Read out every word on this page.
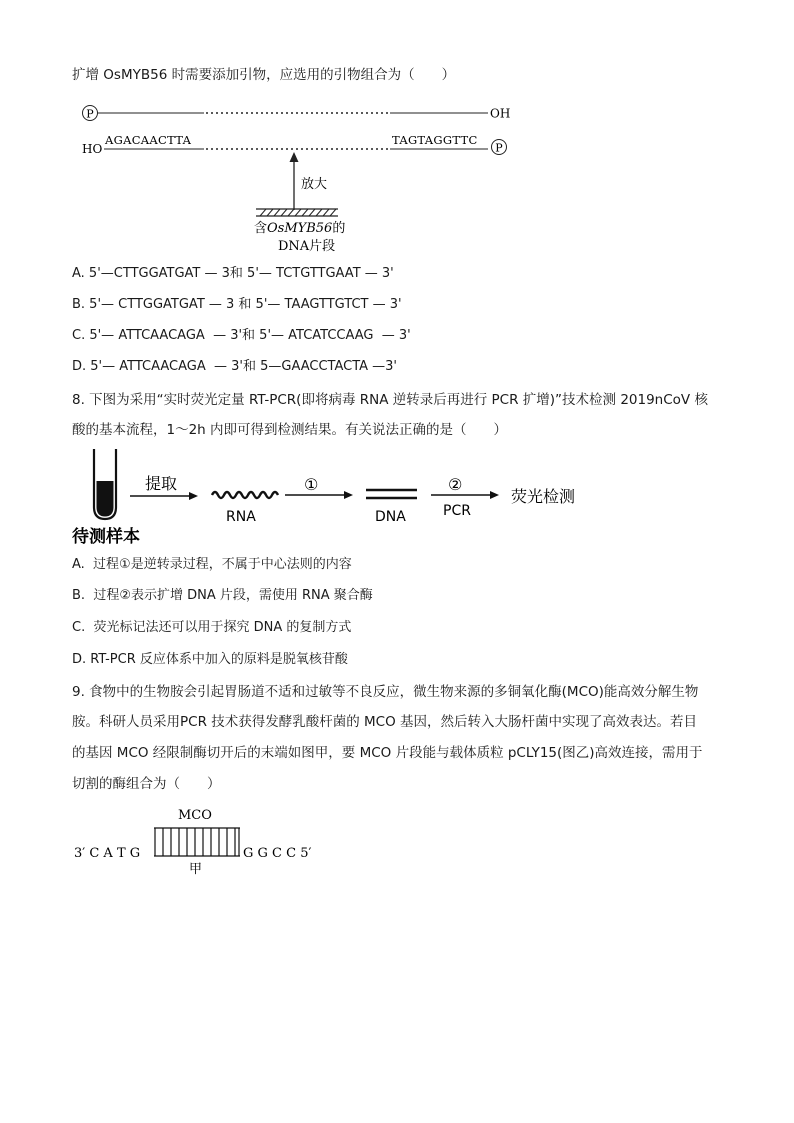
扩增 OsMYB56 时需要添加引物，应选用的引物组合为（　　）
P	OH
HO
AGACAACTTA	TAGTAGGTTC
P
放大
含OsMYB56的
DNA片段
A. 5'—CTTGGATGAT — 3和 5'— TCTGTTGAAT — 3'
B. 5'— CTTGGATGAT — 3 和 5'— TAAGTTGTCT — 3'
C. 5'— ATTCAACAGA  — 3'和 5'— ATCATCCAAG  — 3'
D. 5'— ATTCAACAGA  — 3'和 5—GAACCTACTA —3'
8. 下图为采用“实时荧光定量 RT-PCR(即将病毒 RNA 逆转录后再进行 PCR 扩增)”技术检测 2019nCoV 核
酸的基本流程，1～2h 内即可得到检测结果。有关说法正确的是（　　）
待测样本
提取
RNA
①
DNA
②
PCR
荧光检测
A.  过程①是逆转录过程，不属于中心法则的内容
B.  过程②表示扩增 DNA 片段，需使用 RNA 聚合酶
C.  荧光标记法还可以用于探究 DNA 的复制方式
D. RT-PCR 反应体系中加入的原料是脱氧核苷酸
9. 食物中的生物胺会引起胃肠道不适和过敏等不良反应，微生物来源的多铜氧化酶(MCO)能高效分解生物
胺。科研人员采用PCR 技术获得发酵乳酸杆菌的 MCO 基因，然后转入大肠杆菌中实现了高效表达。若目
的基因 MCO 经限制酶切开后的末端如图甲，要 MCO 片段能与载体质粒 pCLY15(图乙)高效连接，需用于
切割的酶组合为（　　）
MCO
3′ C A T G	G G C C 5′
甲
